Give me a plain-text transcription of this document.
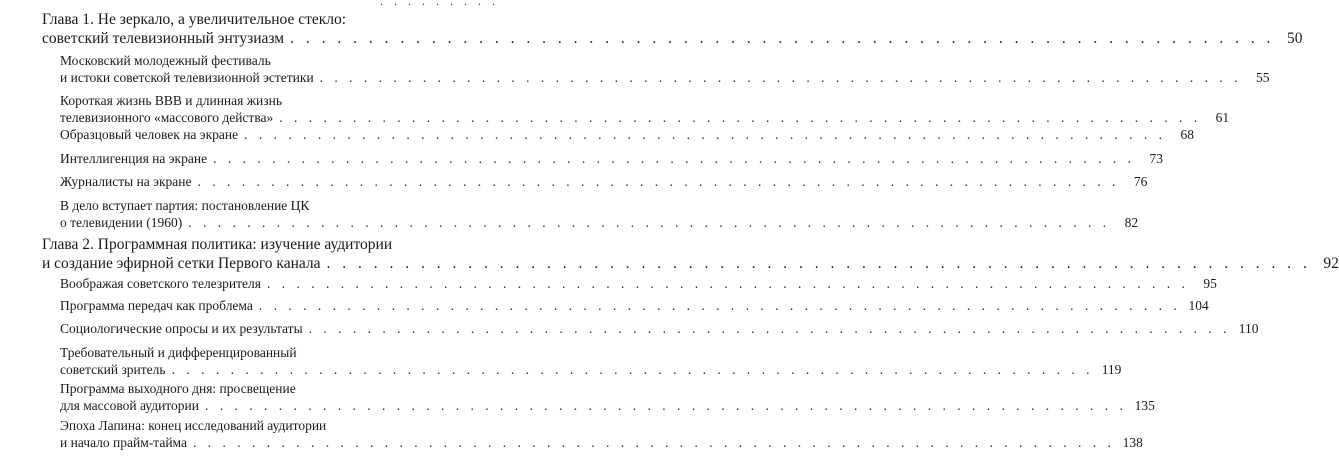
. . . . . . . . .
Глава 1. Не зеркало, а увеличительное стекло:
советский телевизионный энтузиазм . . .	50
Московский молодежный фестиваль
и истоки советской телевизионной эстетики . . .	55
Короткая жизнь ВВВ и длинная жизнь
телевизионного «массового действа» . . .	61
Образцовый человек на экране . . .	68
Интеллигенция на экране . . .	73
Журналисты на экране . . .	76
В дело вступает партия: постановление ЦК
о телевидении (1960) . . .	82
Глава 2. Программная политика: изучение аудитории
и создание эфирной сетки Первого канала . . .	92
Воображая советского телезрителя . . .	95
Программа передач как проблема . . .	104
Социологические опросы и их результаты . . .	110
Требовательный и дифференцированный
советский зритель . . .	119
Программа выходного дня: просвещение
для массовой аудитории . . .	135
Эпоха Лапина: конец исследований аудитории
и начало прайм-тайма . . .	138
